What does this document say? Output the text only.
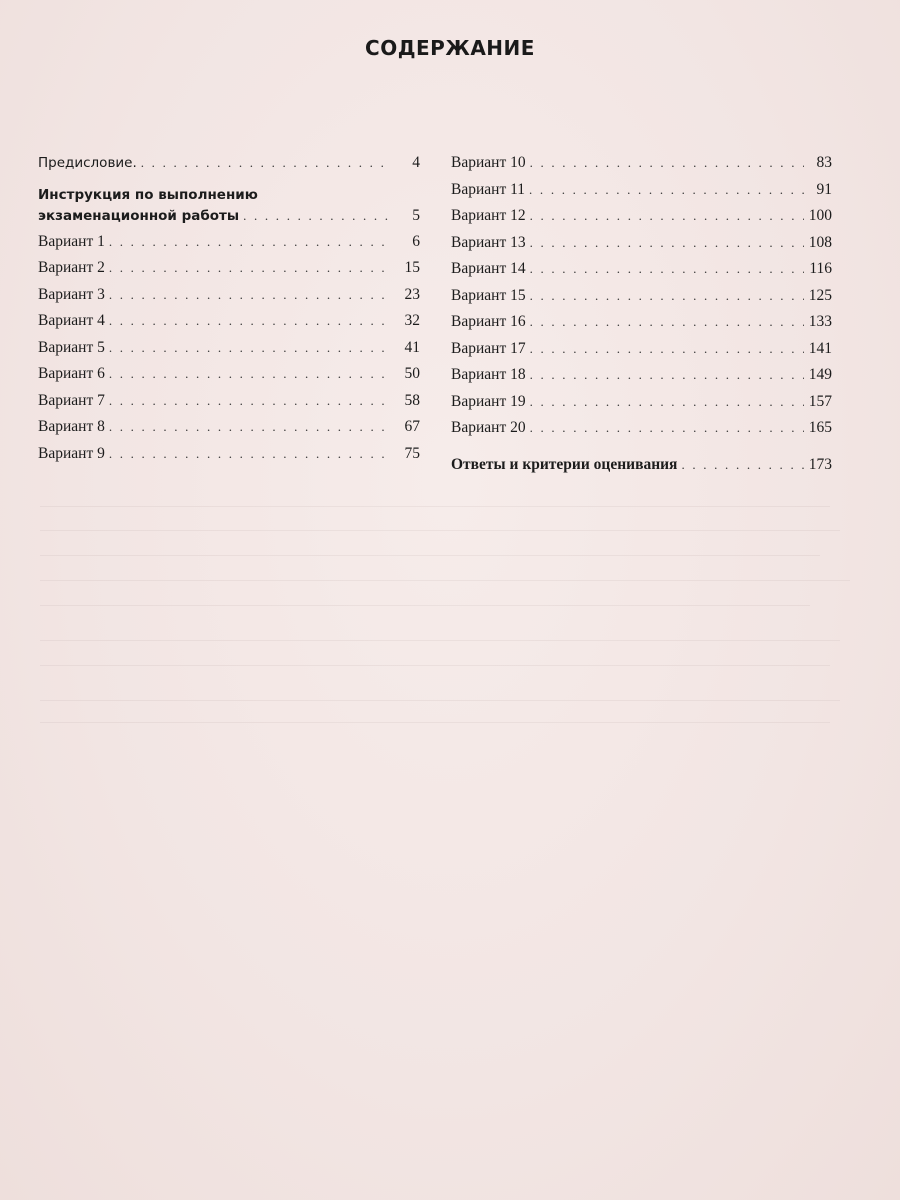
СОДЕРЖАНИЕ
Предисловие. . . .	4
Инструкция по выполнению
экзаменационной работы . . .	5
Вариант 1 . . .	6
Вариант 2 . . .	15
Вариант 3 . . .	23
Вариант 4 . . .	32
Вариант 5 . . .	41
Вариант 6 . . .	50
Вариант 7 . . .	58
Вариант 8 . . .	67
Вариант 9 . . .	75
Вариант 10 . . .	83
Вариант 11 . . .	91
Вариант 12 . . .	100
Вариант 13 . . .	108
Вариант 14 . . .	116
Вариант 15 . . .	125
Вариант 16 . . .	133
Вариант 17 . . .	141
Вариант 18 . . .	149
Вариант 19 . . .	157
Вариант 20 . . .	165
Ответы и критерии оценивания . . .	173
